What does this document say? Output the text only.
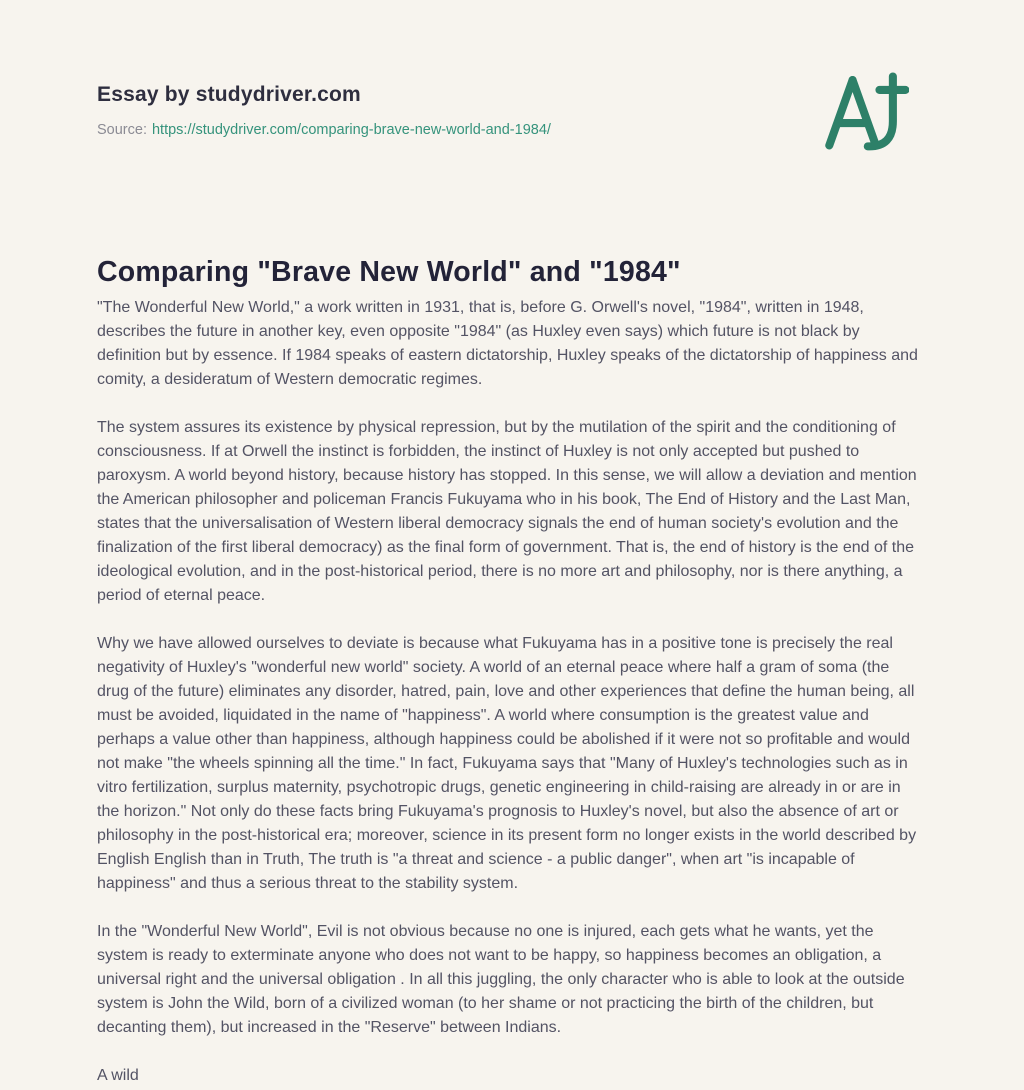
Essay by studydriver.com
Source: https://studydriver.com/comparing-brave-new-world-and-1984/
Comparing "Brave New World" and "1984"

"The Wonderful New World," a work written in 1931, that is, before G. Orwell's novel, "1984", written in 1948, describes the future in another key, even opposite "1984" (as Huxley even says) which future is not black by definition but by essence. If 1984 speaks of eastern dictatorship, Huxley speaks of the dictatorship of happiness and comity, a desideratum of Western democratic regimes.

The system assures its existence by physical repression, but by the mutilation of the spirit and the conditioning of consciousness. If at Orwell the instinct is forbidden, the instinct of Huxley is not only accepted but pushed to paroxysm. A world beyond history, because history has stopped. In this sense, we will allow a deviation and mention the American philosopher and policeman Francis Fukuyama who in his book, The End of History and the Last Man, states that the universalisation of Western liberal democracy signals the end of human society's evolution and the finalization of the first liberal democracy) as the final form of government. That is, the end of history is the end of the ideological evolution, and in the post-historical period, there is no more art and philosophy, nor is there anything, a period of eternal peace.

Why we have allowed ourselves to deviate is because what Fukuyama has in a positive tone is precisely the real negativity of Huxley's "wonderful new world" society. A world of an eternal peace where half a gram of soma (the drug of the future) eliminates any disorder, hatred, pain, love and other experiences that define the human being, all must be avoided, liquidated in the name of "happiness". A world where consumption is the greatest value and perhaps a value other than happiness, although happiness could be abolished if it were not so profitable and would not make "the wheels spinning all the time." In fact, Fukuyama says that "Many of Huxley's technologies such as in vitro fertilization, surplus maternity, psychotropic drugs, genetic engineering in child-raising are already in or are in the horizon." Not only do these facts bring Fukuyama's prognosis to Huxley's novel, but also the absence of art or philosophy in the post-historical era; moreover, science in its present form no longer exists in the world described by English English than in Truth, The truth is "a threat and science - a public danger", when art "is incapable of happiness" and thus a serious threat to the stability system.

In the "Wonderful New World", Evil is not obvious because no one is injured, each gets what he wants, yet the system is ready to exterminate anyone who does not want to be happy, so happiness becomes an obligation, a universal right and the universal obligation . In all this juggling, the only character who is able to look at the outside system is John the Wild, born of a civilized woman (to her shame or not practicing the birth of the children, but decanting them), but increased in the "Reserve" between Indians.

A wild
